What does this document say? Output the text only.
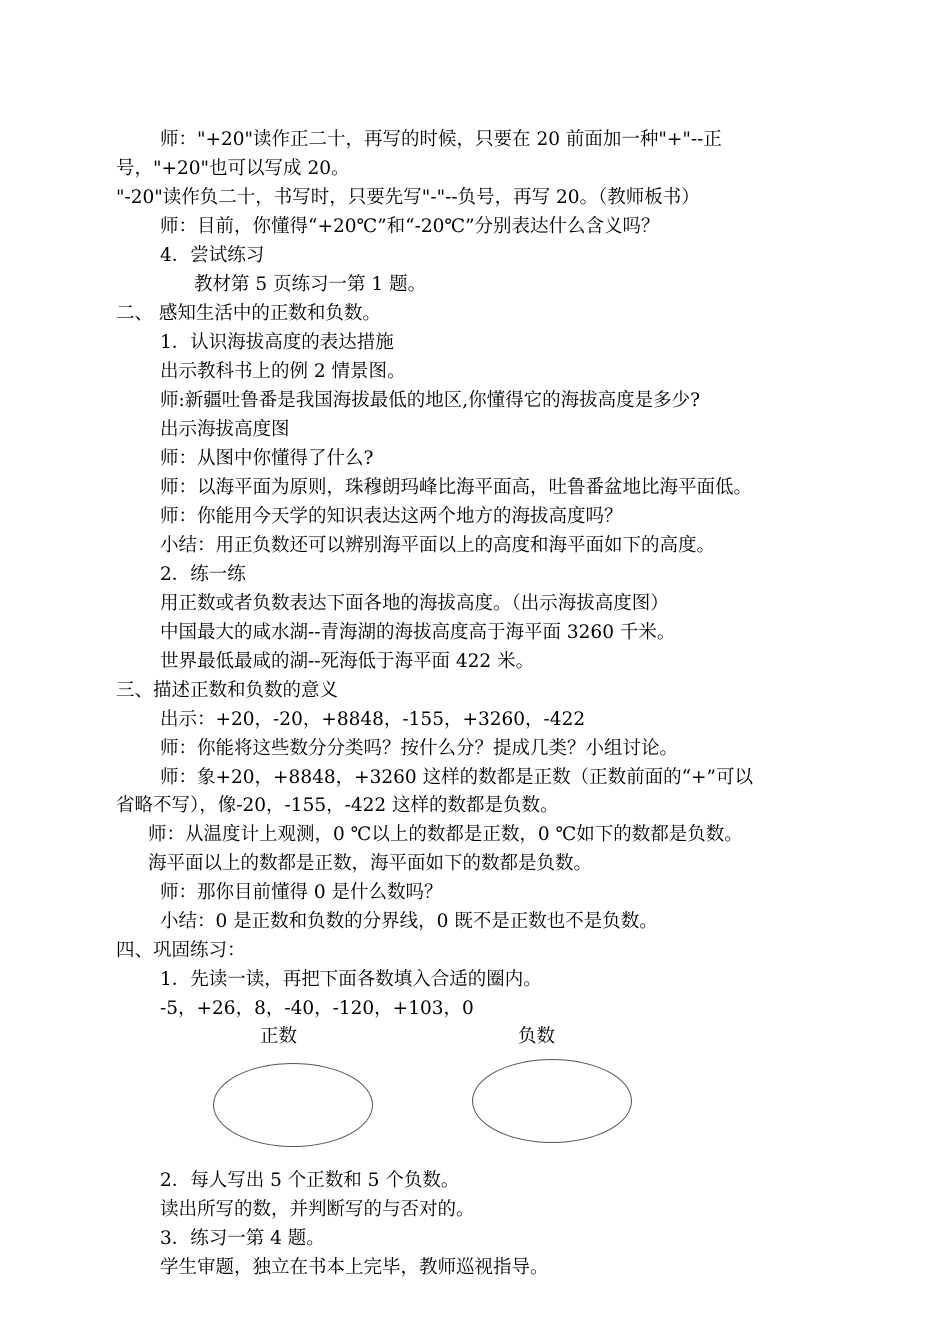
师："+20"读作正二十，再写的时候，只要在 20 前面加一种"+"--正
号，"+20"也可以写成 20。
"-20"读作负二十，书写时，只要先写"-"--负号，再写 20。（教师板书）
师：目前，你懂得“+20℃”和“-20℃”分别表达什么含义吗？
4．尝试练习
教材第 5 页练习一第 1 题。
二、 感知生活中的正数和负数。
1．认识海拔高度的表达措施
出示教科书上的例 2 情景图。
师:新疆吐鲁番是我国海拔最低的地区,你懂得它的海拔高度是多少?
出示海拔高度图
师：从图中你懂得了什么?
师：以海平面为原则，珠穆朗玛峰比海平面高，吐鲁番盆地比海平面低。
师：你能用今天学的知识表达这两个地方的海拔高度吗？
小结：用正负数还可以辨别海平面以上的高度和海平面如下的高度。
2．练一练
用正数或者负数表达下面各地的海拔高度。（出示海拔高度图）
中国最大的咸水湖--青海湖的海拔高度高于海平面 3260 千米。
世界最低最咸的湖--死海低于海平面 422 米。
三、描述正数和负数的意义
出示：+20，-20，+8848，-155，+3260，-422
师：你能将这些数分分类吗？按什么分？提成几类？小组讨论。
师：象+20，+8848，+3260 这样的数都是正数（正数前面的“+”可以
省略不写），像-20，-155，-422 这样的数都是负数。
师：从温度计上观测，0 ℃以上的数都是正数，0 ℃如下的数都是负数。
海平面以上的数都是正数，海平面如下的数都是负数。
师：那你目前懂得 0 是什么数吗？
小结：0 是正数和负数的分界线，0 既不是正数也不是负数。
四、巩固练习：
1．先读一读，再把下面各数填入合适的圈内。
-5，+26，8，-40，-120，+103，0
正数	负数
2．每人写出 5 个正数和 5 个负数。
读出所写的数，并判断写的与否对的。
3．练习一第 4 题。
学生审题，独立在书本上完毕，教师巡视指导。
